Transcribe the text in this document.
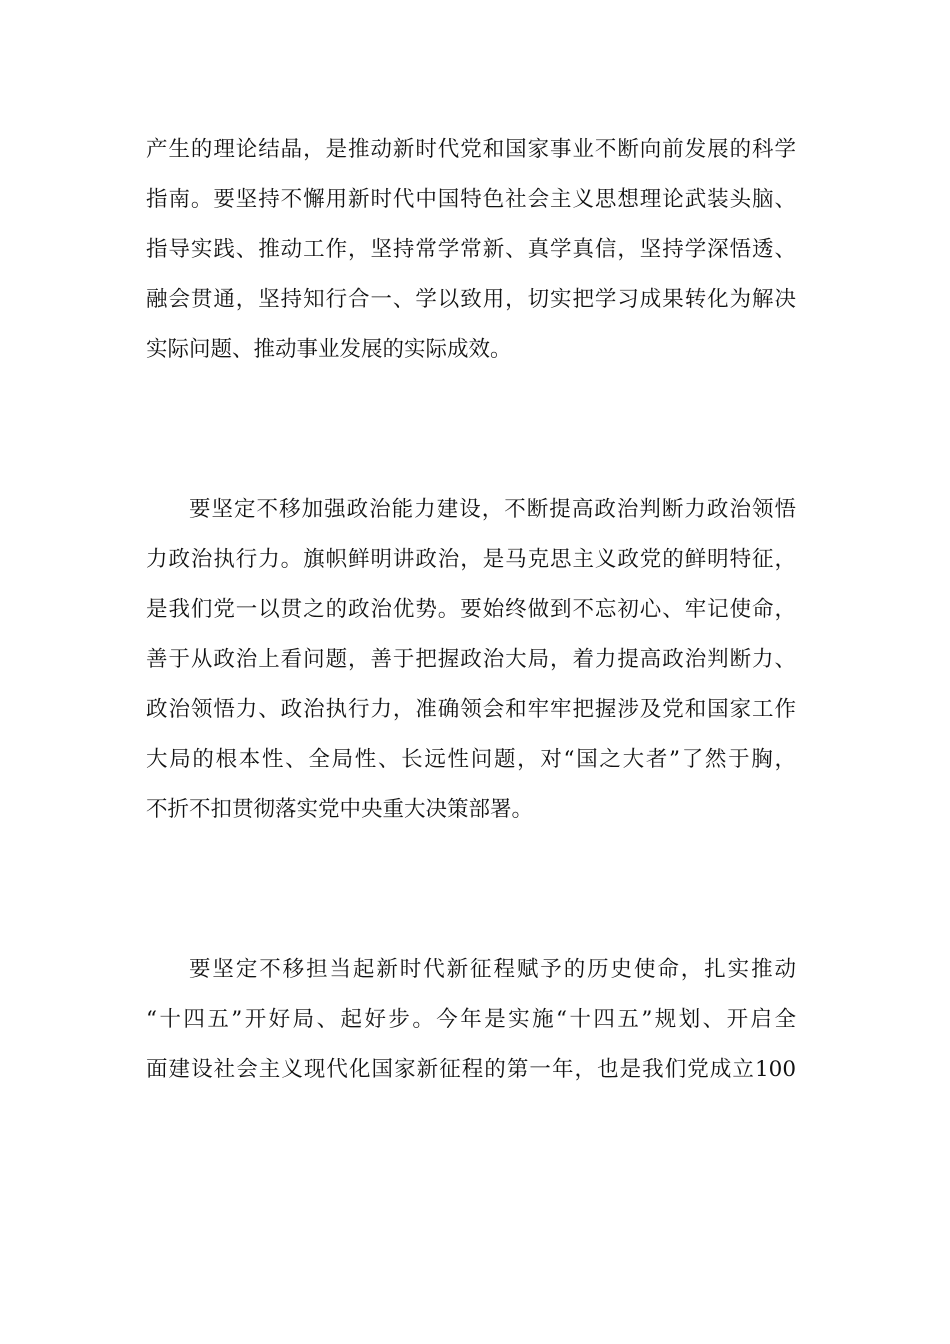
产生的理论结晶，是推动新时代党和国家事业不断向前发展的科学
指南。要坚持不懈用新时代中国特色社会主义思想理论武装头脑、
指导实践、推动工作，坚持常学常新、真学真信，坚持学深悟透、
融会贯通，坚持知行合一、学以致用，切实把学习成果转化为解决
实际问题、推动事业发展的实际成效。
要坚定不移加强政治能力建设，不断提高政治判断力政治领悟
力政治执行力。旗帜鲜明讲政治，是马克思主义政党的鲜明特征，
是我们党一以贯之的政治优势。要始终做到不忘初心、牢记使命，
善于从政治上看问题，善于把握政治大局，着力提高政治判断力、
政治领悟力、政治执行力，准确领会和牢牢把握涉及党和国家工作
大局的根本性、全局性、长远性问题，对“国之大者”了然于胸，
不折不扣贯彻落实党中央重大决策部署。
要坚定不移担当起新时代新征程赋予的历史使命，扎实推动
“十四五”开好局、起好步。今年是实施“十四五”规划、开启全
面建设社会主义现代化国家新征程的第一年，也是我们党成立100
